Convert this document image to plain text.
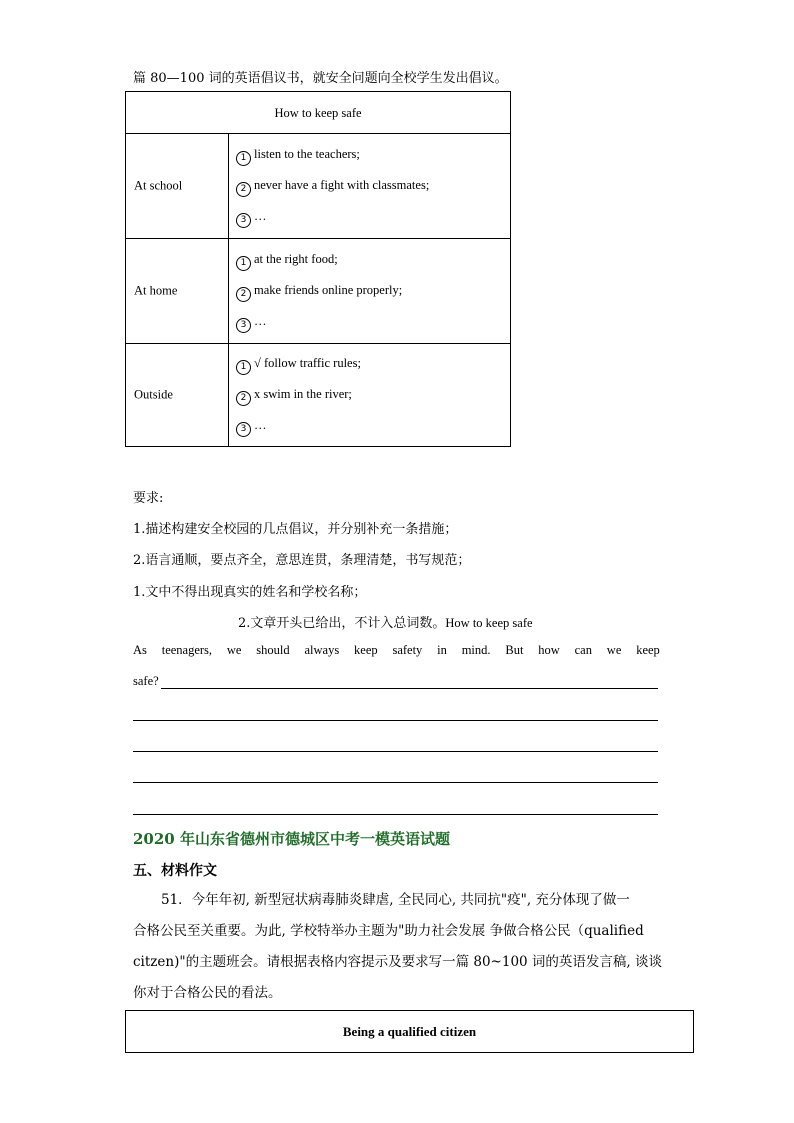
篇 80—100 词的英语倡议书，就安全问题向全校学生发出倡议。
How to keep safe
At school
1 listen to the teachers;
2 never have a fight with classmates;
3 …
At home
1 at the right food;
2 make friends online properly;
3 …
Outside
1 √ follow traffic rules;
2 x swim in the river;
3 …
要求:
1.描述构建安全校园的几点倡议，并分别补充一条措施；
2.语言通顺，要点齐全，意思连贯，条理清楚，书写规范；
1.文中不得出现真实的姓名和学校名称；
2.文章开头已给出，不计入总词数。How to keep safe
As teenagers, we should always keep safety in mind. But how can we keep
safe?
2020 年山东省德州市德城区中考一模英语试题
五、材料作文
51．今年年初, 新型冠状病毒肺炎肆虐, 全民同心, 共同抗"疫", 充分体现了做一
合格公民至关重要。为此, 学校特举办主题为"助力社会发展 争做合格公民（qualified
citzen)"的主题班会。请根据表格内容提示及要求写一篇 80~100 词的英语发言稿, 谈谈
你对于合格公民的看法。
Being a qualified citizen
